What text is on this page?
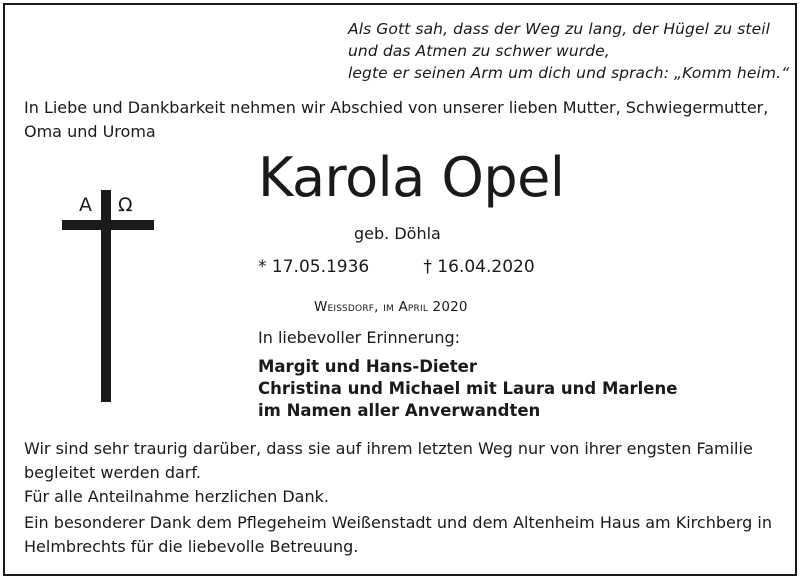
Als Gott sah, dass der Weg zu lang, der Hügel zu steil
und das Atmen zu schwer wurde,
legte er seinen Arm um dich und sprach: „Komm heim.“
In Liebe und Dankbarkeit nehmen wir Abschied von unserer lieben Mutter, Schwiegermutter,
Oma und Uroma
A Ω Karola Opel
geb. Döhla
* 17.05.1936	† 16.04.2020
Weißdorf, im April 2020
In liebevoller Erinnerung:
Margit und Hans-Dieter
Christina und Michael mit Laura und Marlene
im Namen aller Anverwandten
Wir sind sehr traurig darüber, dass sie auf ihrem letzten Weg nur von ihrer engsten Familie
begleitet werden darf.
Für alle Anteilnahme herzlichen Dank.
Ein besonderer Dank dem Pflegeheim Weißenstadt und dem Altenheim Haus am Kirchberg in
Helmbrechts für die liebevolle Betreuung.
